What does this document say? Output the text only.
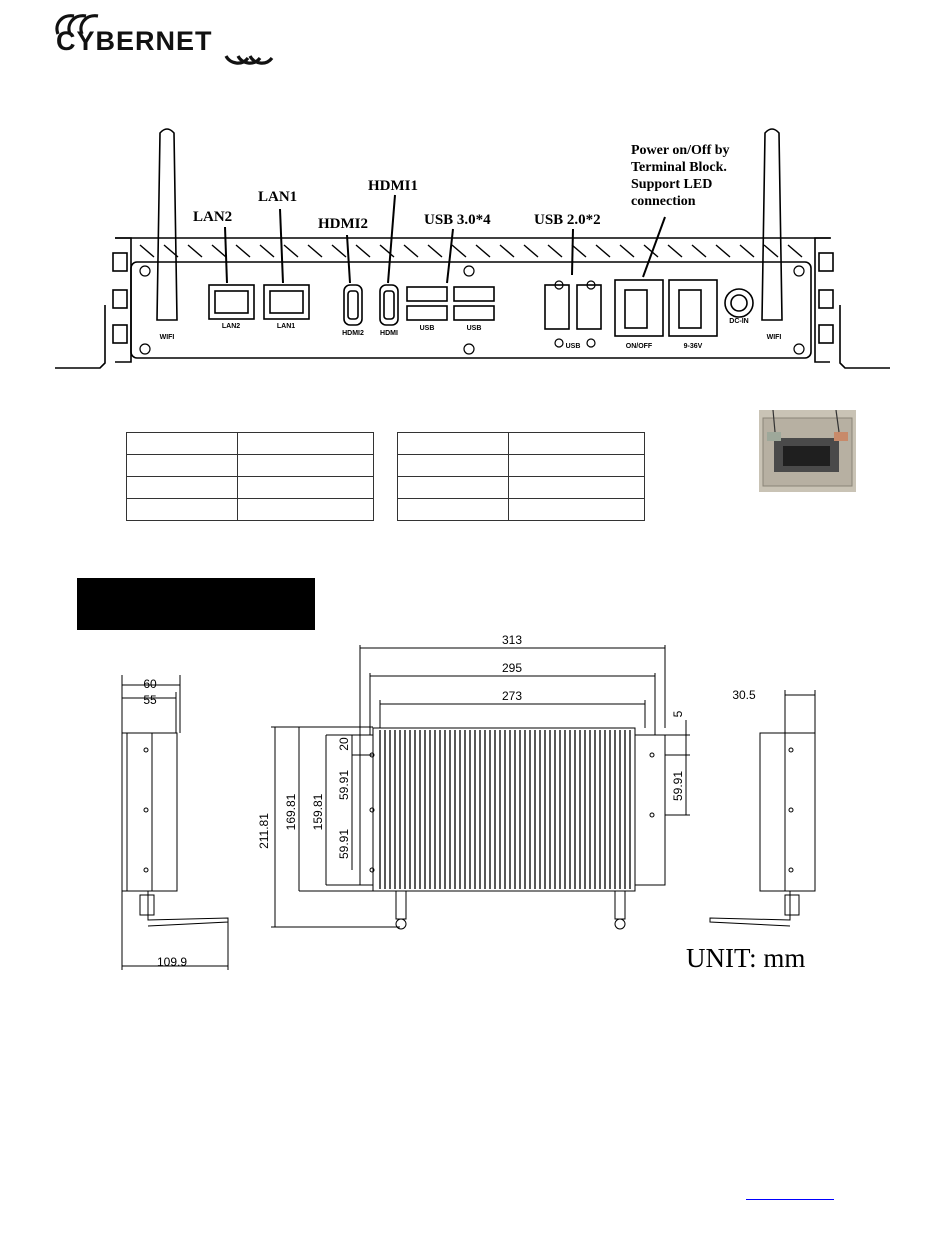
CYBERNET
WIFI
LAN2	LAN1
HDMI2 HDMI
USB	USB
USB	ON/OFF	9-36V
DC-IN
WIFI
LAN2
LAN1
HDMI1
HDMI2	USB 3.0*4	USB 2.0*2
Power on/Off by
Terminal Block.
Support LED
connection

313
295
273
60
55	30.5
109.9
211.81
169.81 159.81
20
59.91
59.91
5
59.91
UNIT: mm
